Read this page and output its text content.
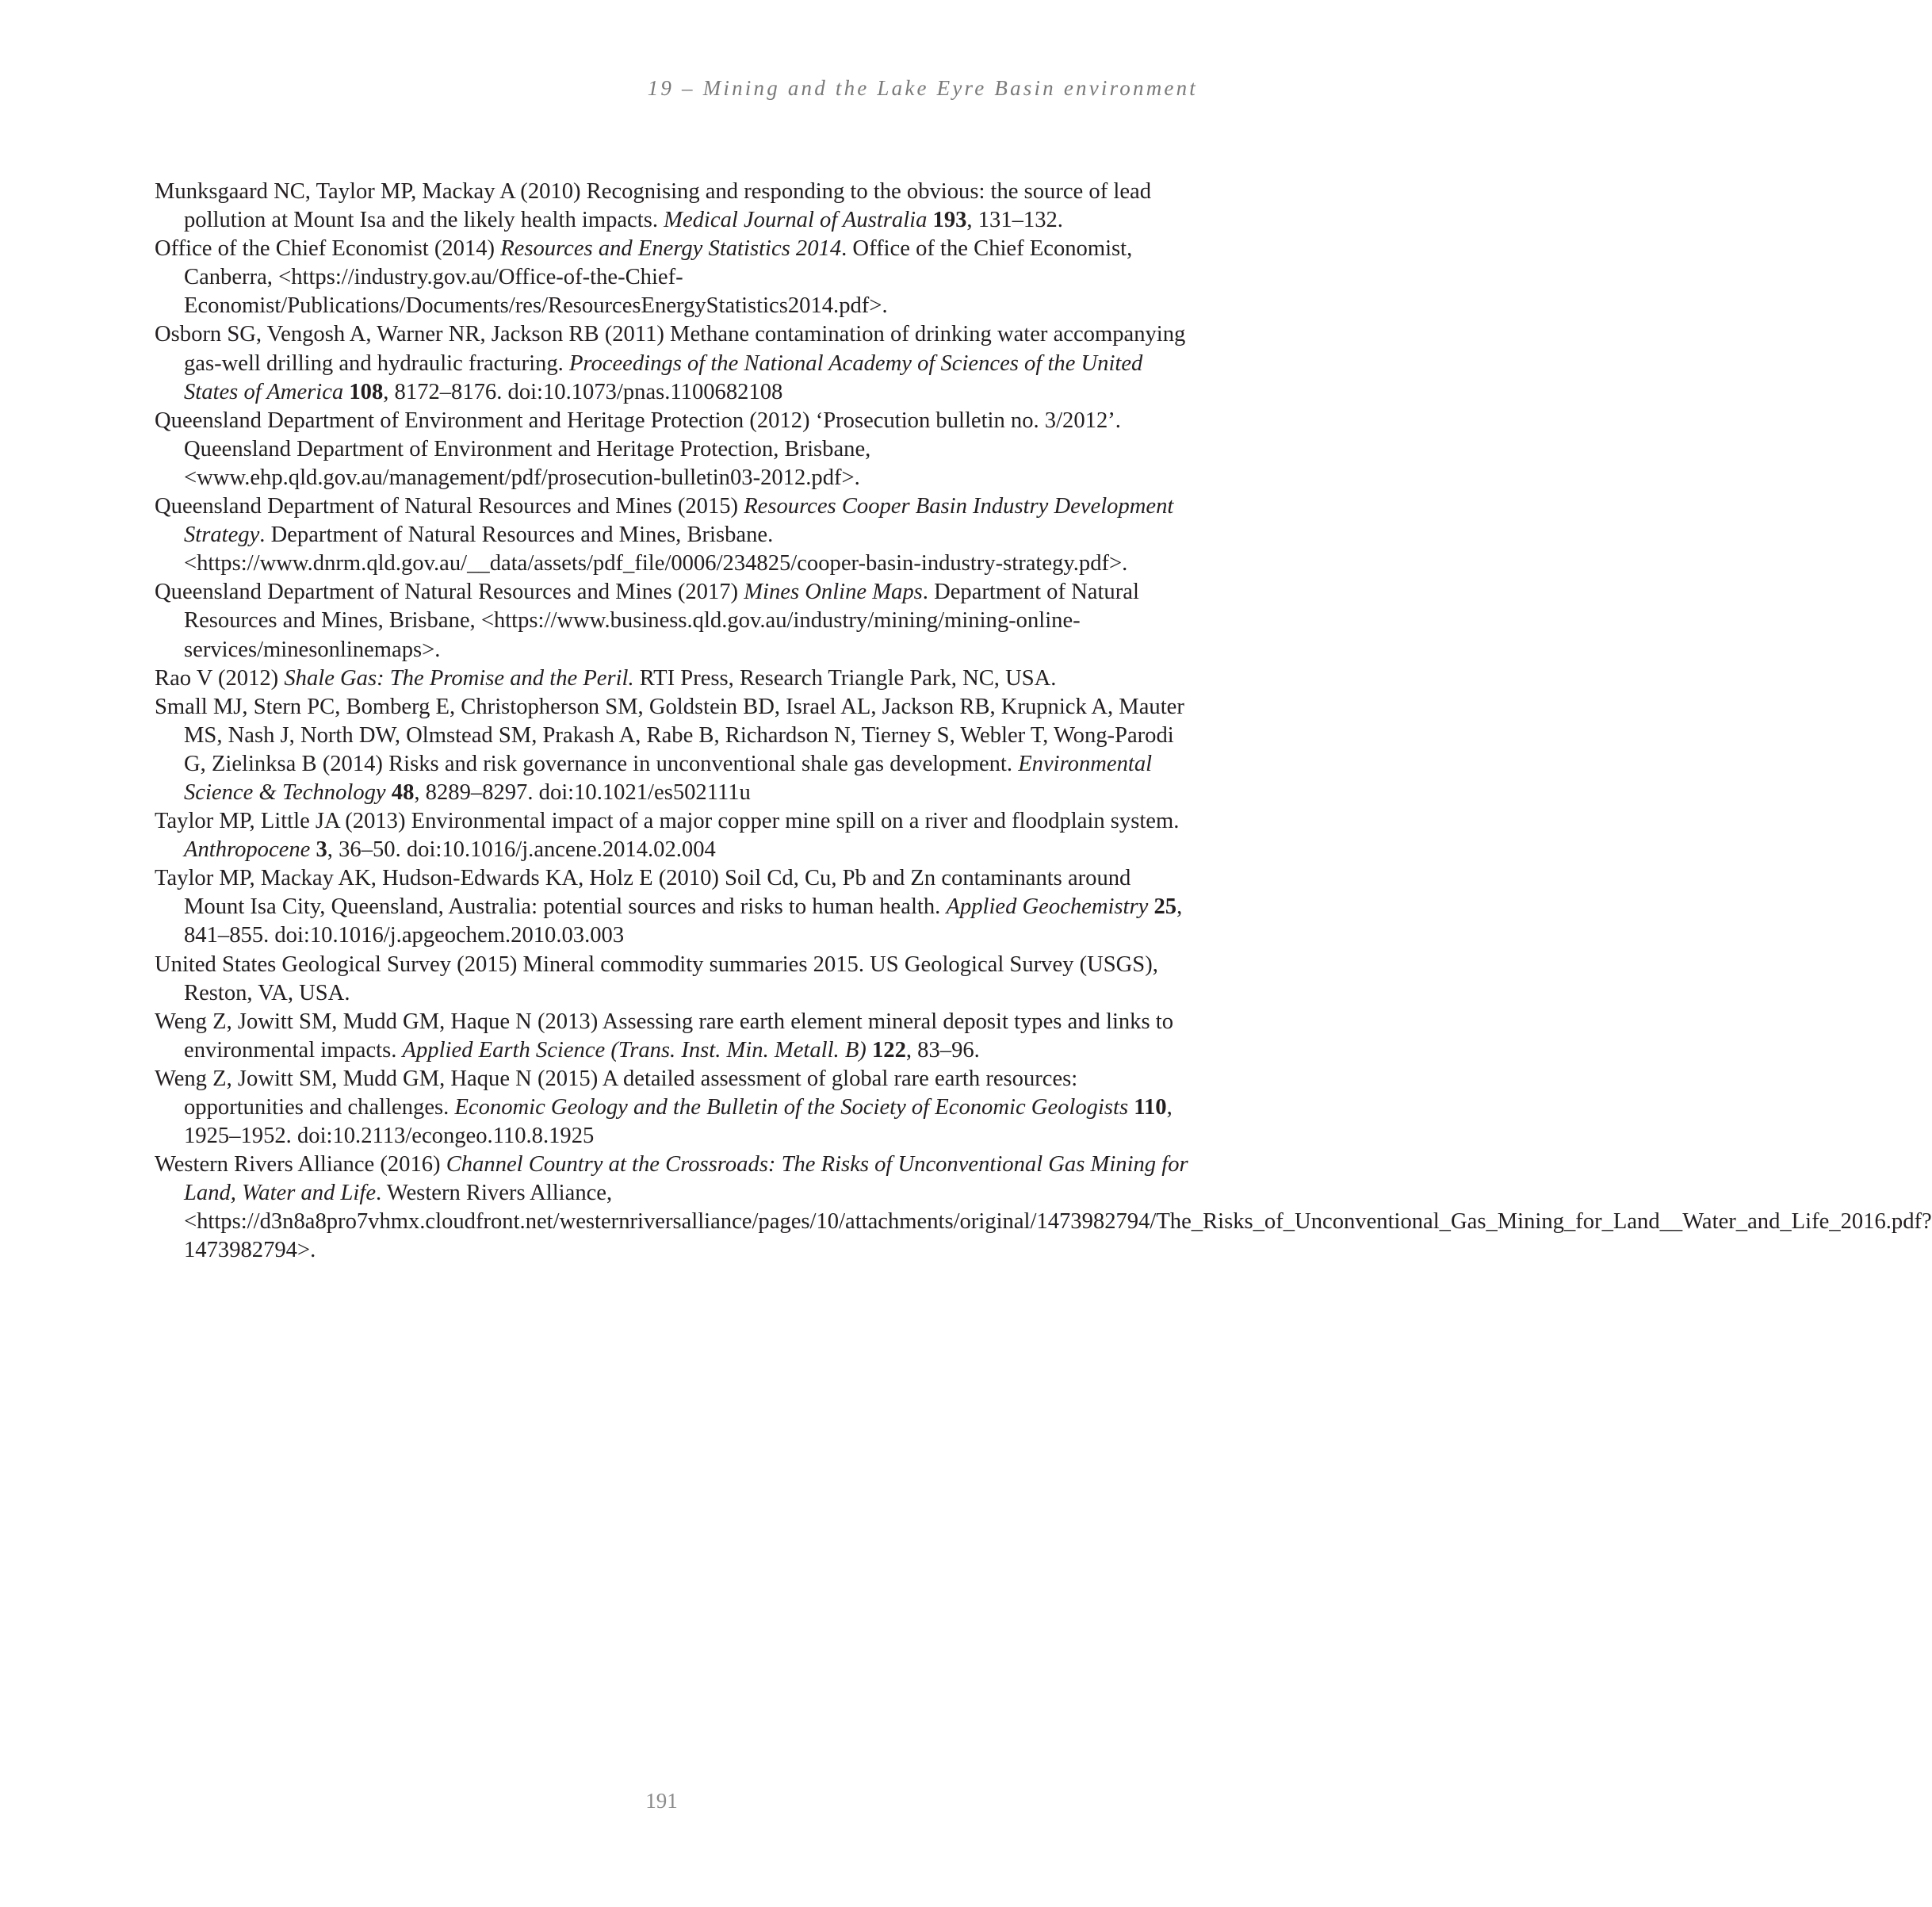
19 – Mining and the Lake Eyre Basin environment

Munksgaard NC, Taylor MP, Mackay A (2010) Recognising and responding to the obvious: the source of lead pollution at Mount Isa and the likely health impacts. Medical Journal of Australia 193, 131–132.

Office of the Chief Economist (2014) Resources and Energy Statistics 2014. Office of the Chief Economist, Canberra, <https://industry.gov.au/Office-of-the-Chief-Economist/Publications/Documents/res/ResourcesEnergyStatistics2014.pdf>.

Osborn SG, Vengosh A, Warner NR, Jackson RB (2011) Methane contamination of drinking water accompanying gas-well drilling and hydraulic fracturing. Proceedings of the National Academy of Sciences of the United States of America 108, 8172–8176. doi:10.1073/pnas.1100682108

Queensland Department of Environment and Heritage Protection (2012) ‘Prosecution bulletin no. 3/2012’. Queensland Department of Environment and Heritage Protection, Brisbane, <www.ehp.qld.gov.au/management/pdf/prosecution-bulletin03-2012.pdf>.

Queensland Department of Natural Resources and Mines (2015) Resources Cooper Basin Industry Development Strategy. Department of Natural Resources and Mines, Brisbane. <https://www.dnrm.qld.gov.au/__data/assets/pdf_file/0006/234825/cooper-basin-industry-strategy.pdf>.

Queensland Department of Natural Resources and Mines (2017) Mines Online Maps. Department of Natural Resources and Mines, Brisbane, <https://www.business.qld.gov.au/industry/mining/mining-online-services/minesonlinemaps>.

Rao V (2012) Shale Gas: The Promise and the Peril. RTI Press, Research Triangle Park, NC, USA.

Small MJ, Stern PC, Bomberg E, Christopherson SM, Goldstein BD, Israel AL, Jackson RB, Krupnick A, Mauter MS, Nash J, North DW, Olmstead SM, Prakash A, Rabe B, Richardson N, Tierney S, Webler T, Wong-Parodi G, Zielinksa B (2014) Risks and risk governance in unconventional shale gas development. Environmental Science & Technology 48, 8289–8297. doi:10.1021/es502111u

Taylor MP, Little JA (2013) Environmental impact of a major copper mine spill on a river and floodplain system. Anthropocene 3, 36–50. doi:10.1016/j.ancene.2014.02.004

Taylor MP, Mackay AK, Hudson-Edwards KA, Holz E (2010) Soil Cd, Cu, Pb and Zn contaminants around Mount Isa City, Queensland, Australia: potential sources and risks to human health. Applied Geochemistry 25, 841–855. doi:10.1016/j.apgeochem.2010.03.003

United States Geological Survey (2015) Mineral commodity summaries 2015. US Geological Survey (USGS), Reston, VA, USA.

Weng Z, Jowitt SM, Mudd GM, Haque N (2013) Assessing rare earth element mineral deposit types and links to environmental impacts. Applied Earth Science (Trans. Inst. Min. Metall. B) 122, 83–96.

Weng Z, Jowitt SM, Mudd GM, Haque N (2015) A detailed assessment of global rare earth resources: opportunities and challenges. Economic Geology and the Bulletin of the Society of Economic Geologists 110, 1925–1952. doi:10.2113/econgeo.110.8.1925

Western Rivers Alliance (2016) Channel Country at the Crossroads: The Risks of Unconventional Gas Mining for Land, Water and Life. Western Rivers Alliance, <https://d3n8a8pro7vhmx.cloudfront.net/westernriversalliance/pages/10/attachments/original/1473982794/The_Risks_of_Unconventional_Gas_Mining_for_Land__Water_and_Life_2016.pdf?1473982794>.

191
